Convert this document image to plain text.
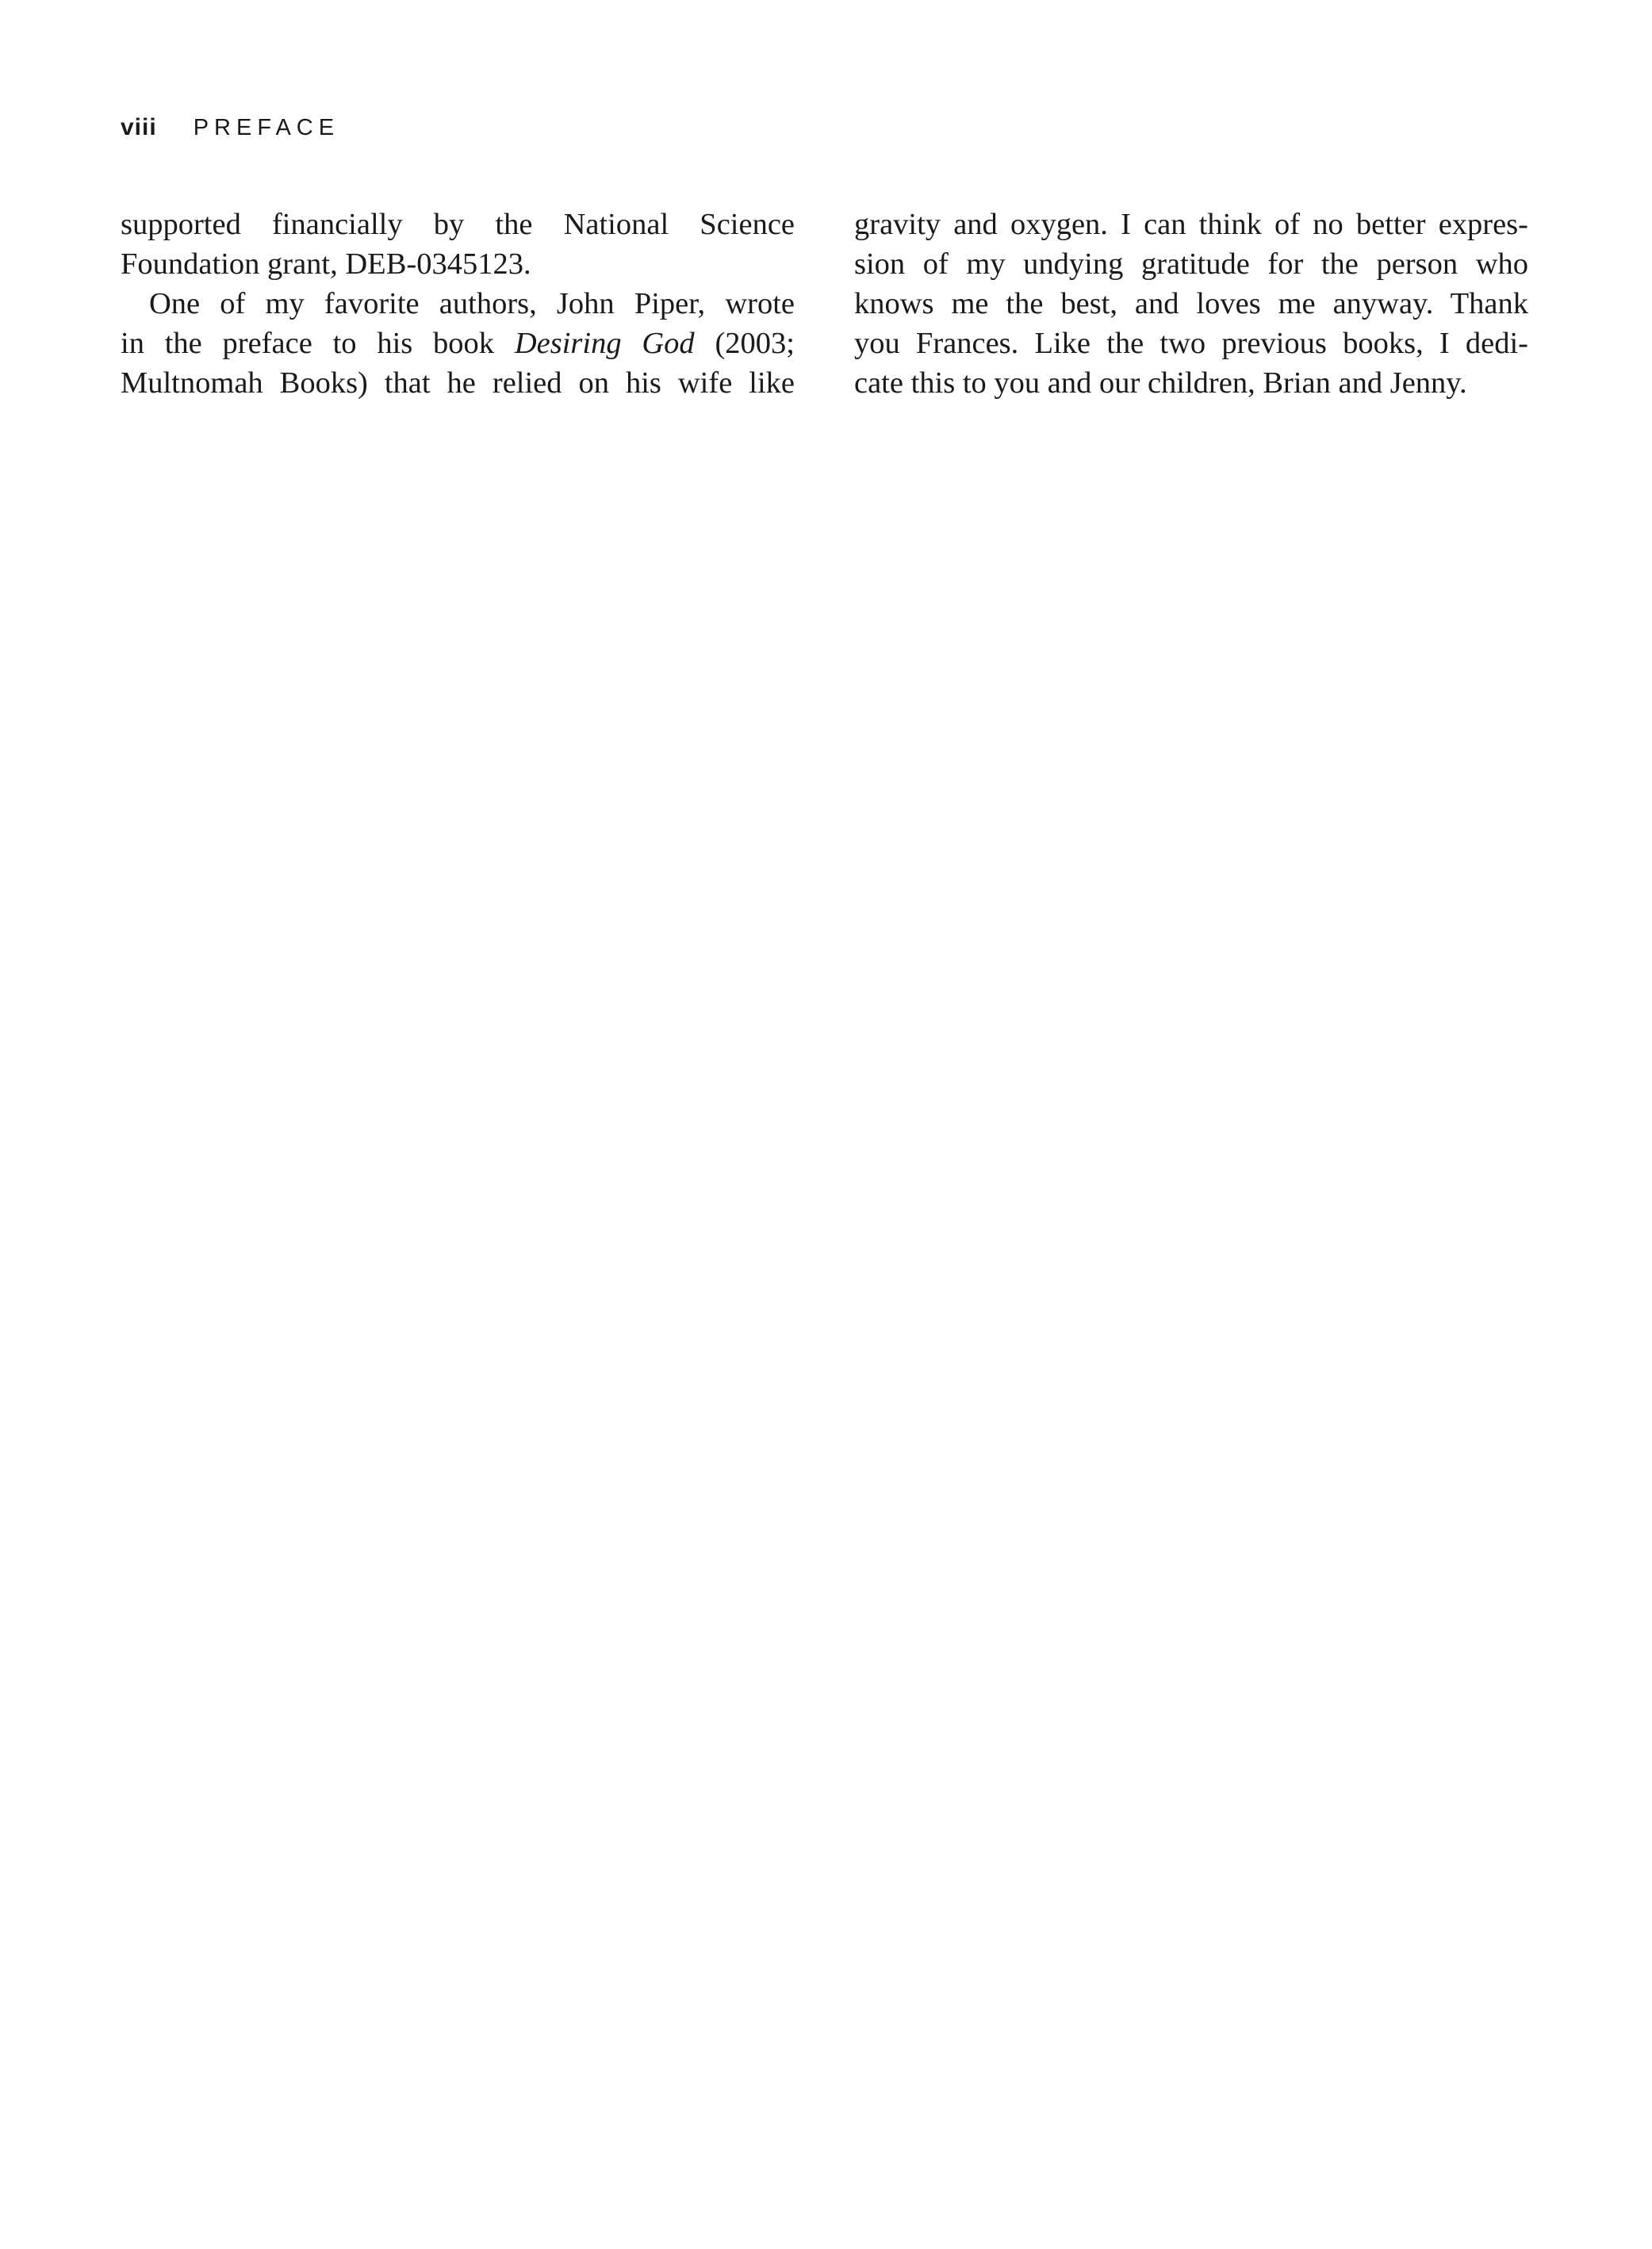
viii PREFACE
supported financially by the National Science
Foundation grant, DEB-0345123.
One of my favorite authors, John Piper, wrote
in the preface to his book Desiring God (2003;
Multnomah Books) that he relied on his wife like
gravity and oxygen. I can think of no better expres-
sion of my undying gratitude for the person who
knows me the best, and loves me anyway. Thank
you Frances. Like the two previous books, I dedi-
cate this to you and our children, Brian and Jenny.
